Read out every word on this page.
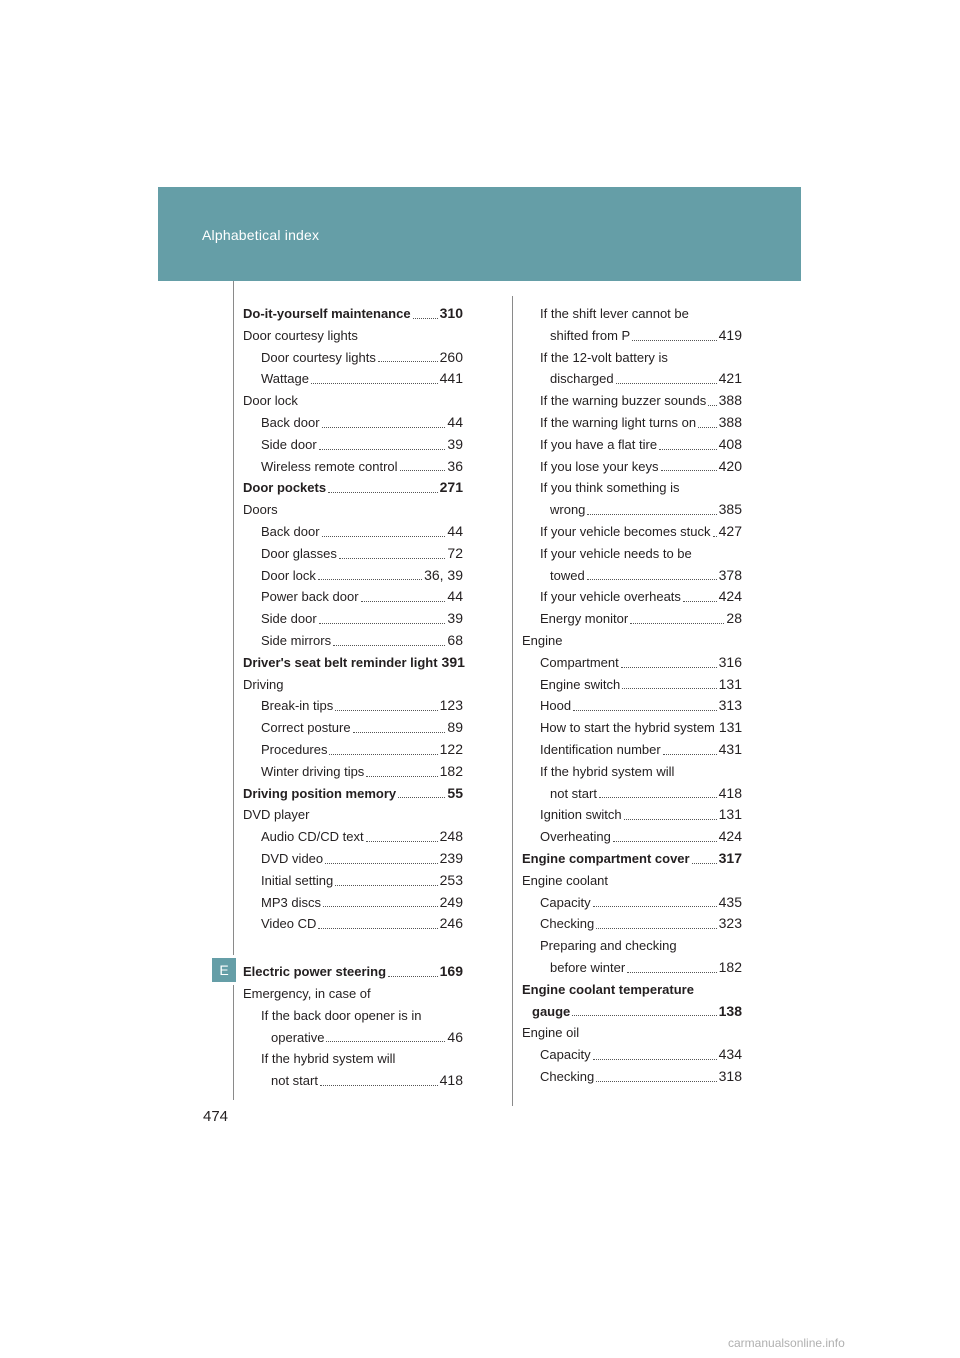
Alphabetical index
E
Do-it-yourself maintenance 310
Door courtesy lights
Door courtesy lights	260
Wattage	441
Door lock
Back door	44
Side door	39
Wireless remote control	36
Door pockets	271
Doors
Back door	44
Door glasses	72
Door lock	36, 39
Power back door	44
Side door	39
Side mirrors	68
Driver's seat belt reminder light 391
Driving
Break-in tips	123
Correct posture	89
Procedures	122
Winter driving tips	182
Driving position memory	55
DVD player
Audio CD/CD text	248
DVD video	239
Initial setting	253
MP3 discs	249
Video CD	246
Electric power steering	169
Emergency, in case of
If the back door opener is in
operative	46
If the hybrid system will
not start	418
If the shift lever cannot be
shifted from P	419
If the 12-volt battery is
discharged	421
If the warning buzzer sounds 388
If the warning light turns on 388
If you have a flat tire	408
If you lose your keys	420
If you think something is
wrong	385
If your vehicle becomes stuck 427
If your vehicle needs to be
towed	378
If your vehicle overheats	424
Energy monitor	28
Engine
Compartment	316
Engine switch	131
Hood	313
How to start the hybrid system 131
Identification number	431
If the hybrid system will
not start	418
Ignition switch	131
Overheating	424
Engine compartment cover 317
Engine coolant
Capacity	435
Checking	323
Preparing and checking
before winter	182
Engine coolant temperature
gauge	138
Engine oil
Capacity	434
Checking	318
474
carmanualsonline.info
